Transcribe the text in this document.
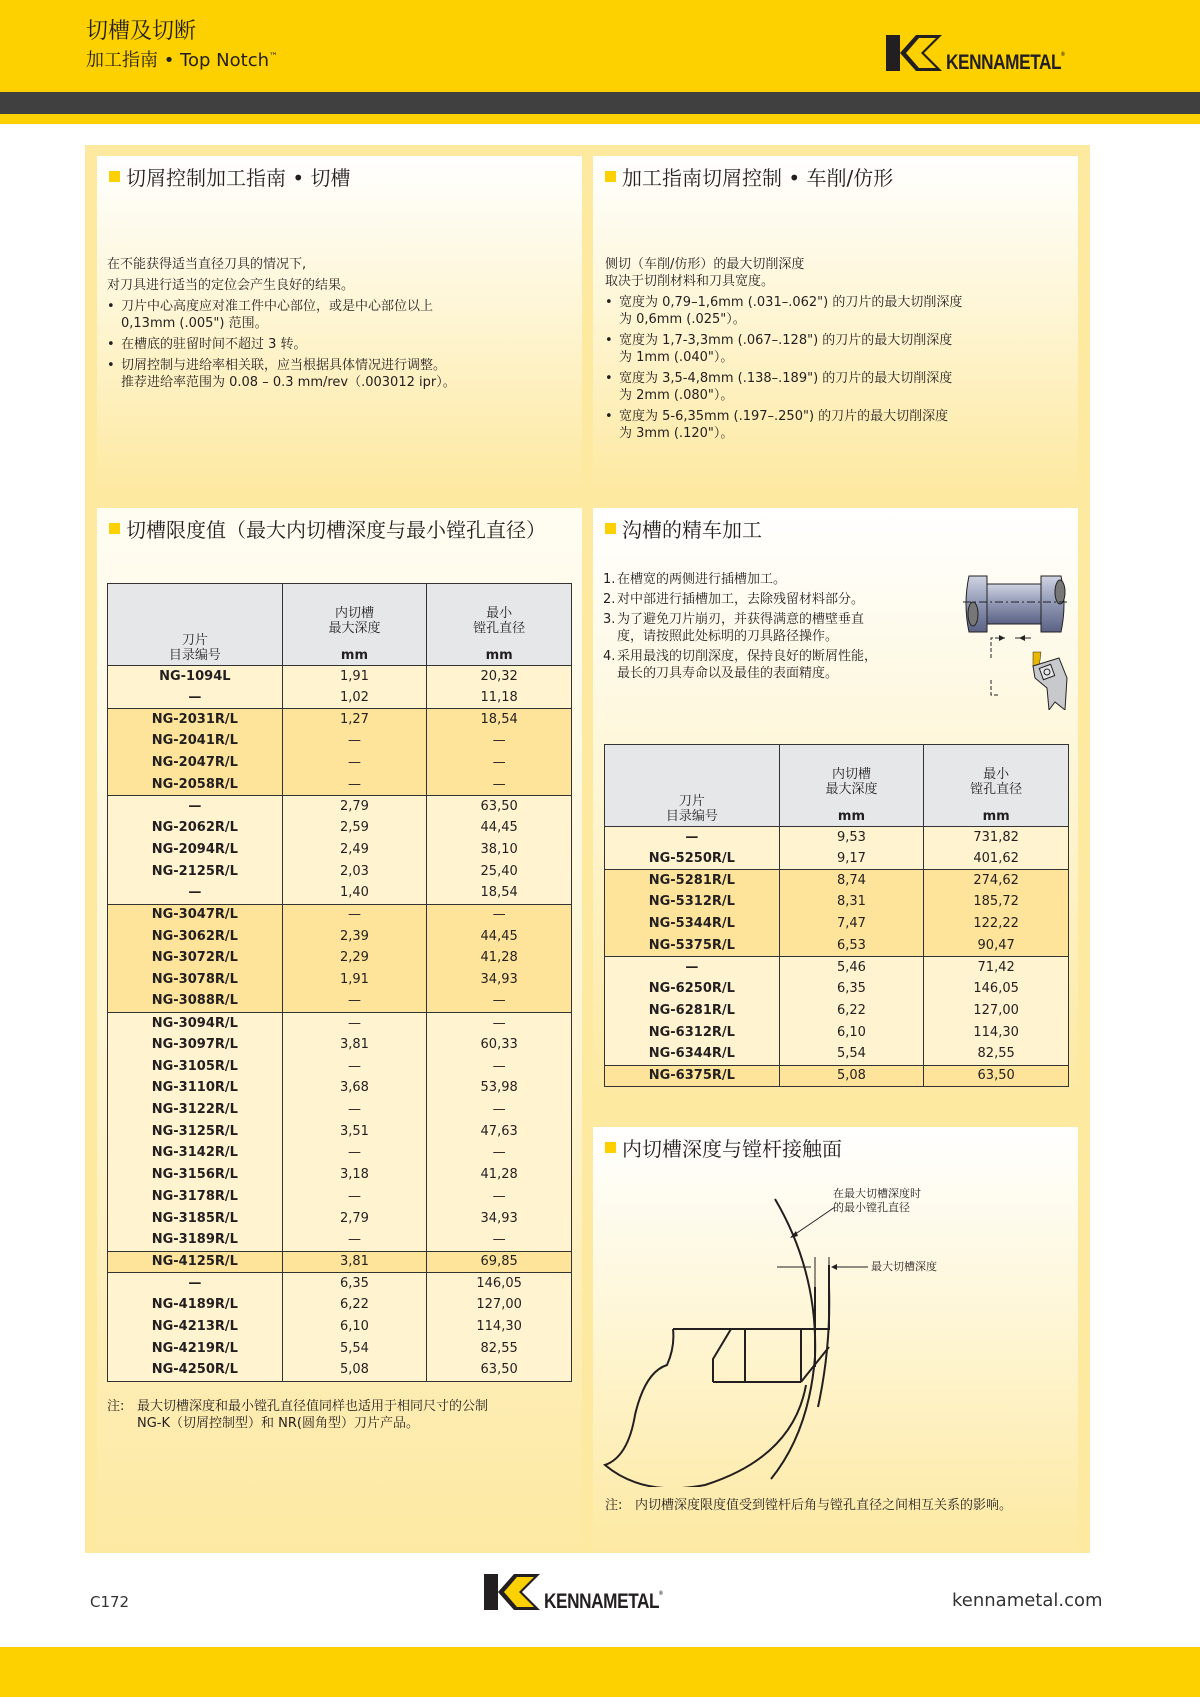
切槽及切断
加工指南 • Top Notch™	KENNAMETAL®
切屑控制加工指南 • 切槽

在不能获得适当直径刀具的情况下,

对刀具进行适当的定位会产生良好的结果。

• 刀片中心高度应对准工件中心部位，或是中心部位以上 0,13mm (.005") 范围。
• 在槽底的驻留时间不超过 3 转。
• 切屑控制与进给率相关联，应当根据具体情况进行调整。推荐进给率范围为 0.08 – 0.3 mm/rev（.003012 ipr）。
加工指南切屑控制 • 车削/仿形

侧切（车削/仿形）的最大切削深度

取决于切削材料和刀具宽度。

• 宽度为 0,79–1,6mm (.031–.062") 的刀片的最大切削深度为 0,6mm (.025"）。
• 宽度为 1,7-3,3mm (.067–.128") 的刀片的最大切削深度为 1mm (.040"）。
• 宽度为 3,5-4,8mm (.138–.189") 的刀片的最大切削深度为 2mm (.080"）。
• 宽度为 5-6,35mm (.197–.250") 的刀片的最大切削深度为 3mm (.120"）。
切槽限度值（最大内切槽深度与最小镗孔直径）
注: 最大切槽深度和最小镗孔直径值同样也适用于相同尺寸的公制
NG-K（切屑控制型）和 NR(圆角型）刀片产品。
刀片
目录编号

内切槽
最大深度
mm

最小
镗孔直径
mm

NG-1094L	1,91	20,32
—	1,02	11,18
NG-2031R/L	1,27	18,54
NG-2041R/L	—	—
NG-2047R/L	—	—
NG-2058R/L	—	—
—	2,79	63,50
NG-2062R/L	2,59	44,45
NG-2094R/L	2,49	38,10
NG-2125R/L	2,03	25,40
—	1,40	18,54
NG-3047R/L	—	—
NG-3062R/L	2,39	44,45
NG-3072R/L	2,29	41,28
NG-3078R/L	1,91	34,93
NG-3088R/L	—	—
NG-3094R/L	—	—
NG-3097R/L	3,81	60,33
NG-3105R/L	—	—
NG-3110R/L	3,68	53,98
NG-3122R/L	—	—
NG-3125R/L	3,51	47,63
NG-3142R/L	—	—
NG-3156R/L	3,18	41,28
NG-3178R/L	—	—
NG-3185R/L	2,79	34,93
NG-3189R/L	—	—
NG-4125R/L	3,81	69,85
—	6,35	146,05
NG-4189R/L	6,22	127,00
NG-4213R/L	6,10	114,30
NG-4219R/L	5,54	82,55
NG-4250R/L	5,08	63,50
沟槽的精车加工
1. 在槽宽的两侧进行插槽加工。
2. 对中部进行插槽加工，去除残留材料部分。
3. 为了避免刀片崩刃，并获得满意的槽壁垂直度，请按照此处标明的刀具路径操作。
4. 采用最浅的切削深度，保持良好的断屑性能，最长的刀具寿命以及最佳的表面精度。
刀片
目录编号

内切槽
最大深度
mm

最小
镗孔直径
mm

—	9,53	731,82
NG-5250R/L	9,17	401,62
NG-5281R/L	8,74	274,62
NG-5312R/L	8,31	185,72
NG-5344R/L	7,47	122,22
NG-5375R/L	6,53	90,47
—	5,46	71,42
NG-6250R/L	6,35	146,05
NG-6281R/L	6,22	127,00
NG-6312R/L	6,10	114,30
NG-6344R/L	5,54	82,55
NG-6375R/L	5,08	63,50
内切槽深度与镗杆接触面
在最大切槽深度时
的最小镗孔直径
最大切槽深度
注: 内切槽深度限度值受到镗杆后角与镗孔直径之间相互关系的影响。
C172	KENNAMETAL®	kennametal.com
